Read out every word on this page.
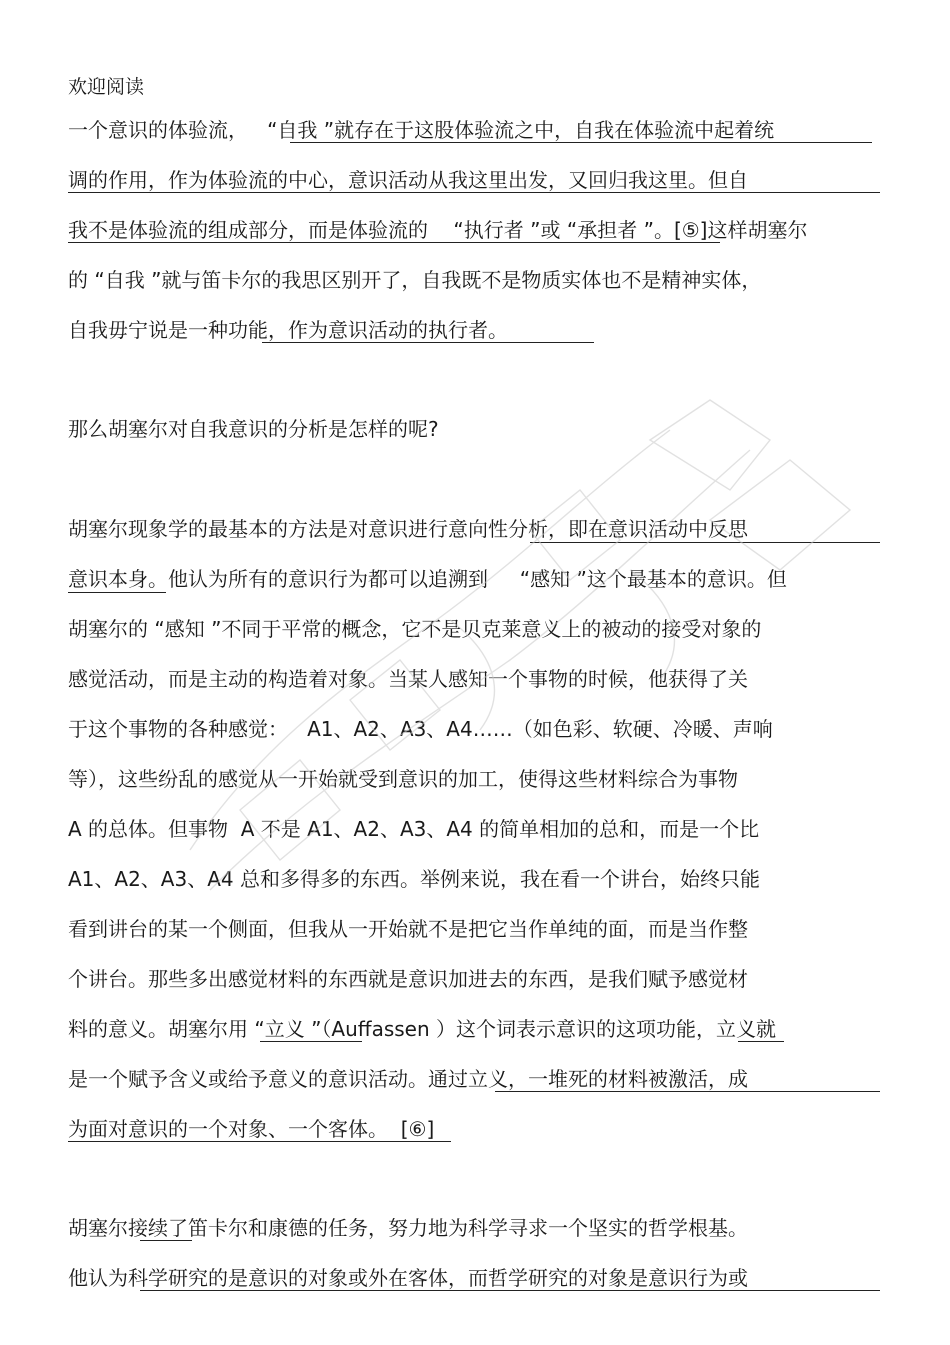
欢迎阅读
一个意识的体验流，   “自我 ”就存在于这股体验流之中，自我在体验流中起着统
调的作用，作为体验流的中心，意识活动从我这里出发，又回归我这里。但自
我不是体验流的组成部分，而是体验流的    “执行者 ”或 “承担者 ”。[⑤]这样胡塞尔
的 “自我 ”就与笛卡尔的我思区别开了，自我既不是物质实体也不是精神实体，
自我毋宁说是一种功能，作为意识活动的执行者。
那么胡塞尔对自我意识的分析是怎样的呢?
胡塞尔现象学的最基本的方法是对意识进行意向性分析，即在意识活动中反思
意识本身。他认为所有的意识行为都可以追溯到     “感知 ”这个最基本的意识。但
胡塞尔的 “感知 ”不同于平常的概念，它不是贝克莱意义上的被动的接受对象的
感觉活动，而是主动的构造着对象。当某人感知一个事物的时候，他获得了关
于这个事物的各种感觉：   A1、A2、A3、A4……（如色彩、软硬、冷暖、声响
等），这些纷乱的感觉从一开始就受到意识的加工，使得这些材料综合为事物
A 的总体。但事物  A 不是 A1、A2、A3、A4 的简单相加的总和，而是一个比
A1、A2、A3、A4 总和多得多的东西。举例来说，我在看一个讲台，始终只能
看到讲台的某一个侧面，但我从一开始就不是把它当作单纯的面，而是当作整
个讲台。那些多出感觉材料的东西就是意识加进去的东西，是我们赋予感觉材
料的意义。胡塞尔用 “立义 ”（Auffassen ）这个词表示意识的这项功能，立义就
是一个赋予含义或给予意义的意识活动。通过立义，一堆死的材料被激活，成
为面对意识的一个对象、一个客体。  [⑥]
胡塞尔接续了笛卡尔和康德的任务，努力地为科学寻求一个坚实的哲学根基。
他认为科学研究的是意识的对象或外在客体，而哲学研究的对象是意识行为或
